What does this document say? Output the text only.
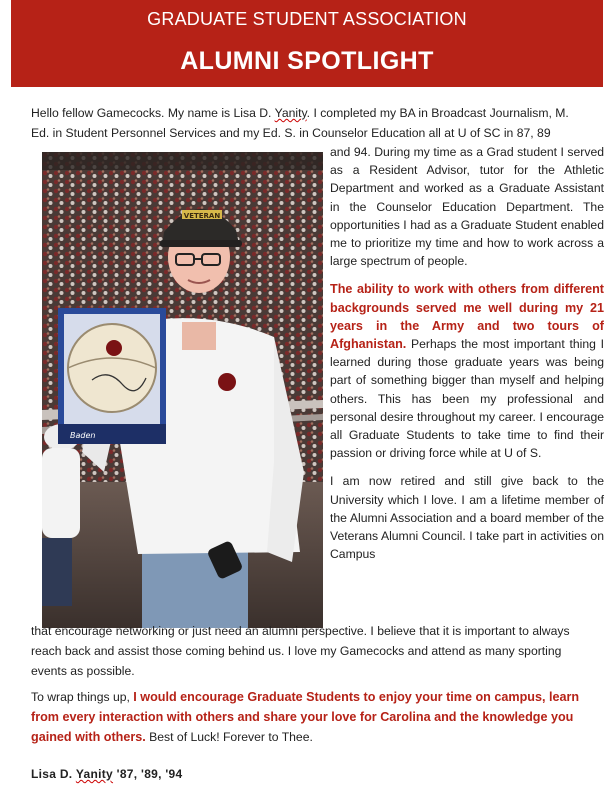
GRADUATE STUDENT ASSOCIATION
ALUMNI SPOTLIGHT
Hello fellow Gamecocks. My name is Lisa D. Yanity. I completed my BA in Broadcast Journalism, M. Ed. in Student Personnel Services and my Ed. S. in Counselor Education all at U of SC in 87, 89
VETERAN
Baden

and 94. During my time as a Grad student I served as a Resident Advisor, tutor for the Athletic Department and worked as a Graduate Assistant in the Counselor Education Department. The opportunities I had as a Graduate Student enabled me to prioritize my time and how to work across a large spectrum of people.

The ability to work with others from different backgrounds served me well during my 21 years in the Army and two tours of Afghanistan. Perhaps the most important thing I learned during those graduate years was being part of something bigger than myself and helping others. This has been my professional and personal desire throughout my career. I encourage all Graduate Students to take time to find their passion or driving force while at U of S.

I am now retired and still give back to the University which I love. I am a lifetime member of the Alumni Association and a board member of the Veterans Alumni Council. I take part in activities on Campus

that encourage networking or just need an alumni perspective. I believe that it is important to always reach back and assist those coming behind us. I love my Gamecocks and attend as many sporting events as possible.
To wrap things up, I would encourage Graduate Students to enjoy your time on campus, learn from every interaction with others and share your love for Carolina and the knowledge you gained with others. Best of Luck! Forever to Thee.
Lisa D. Yanity '87, '89, '94
